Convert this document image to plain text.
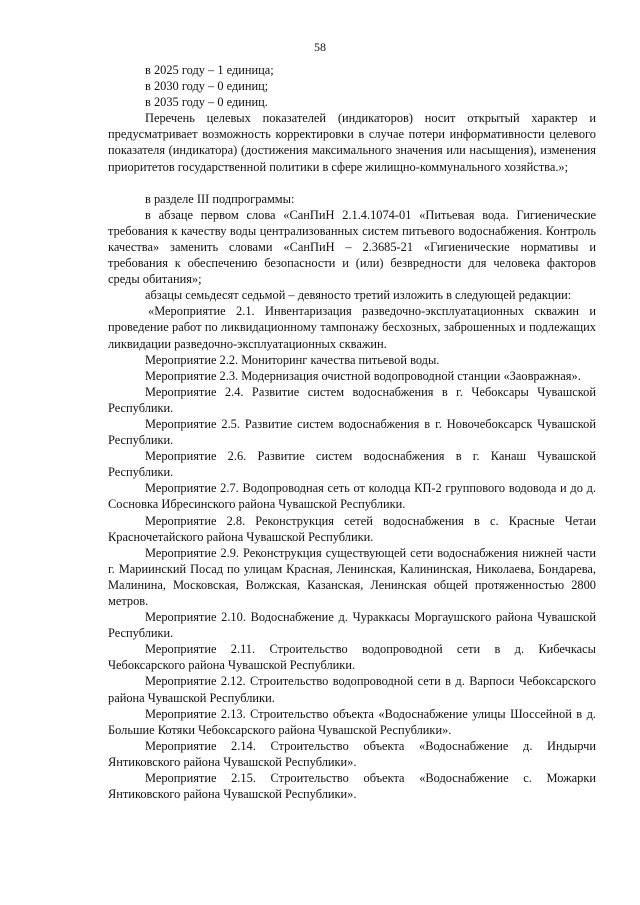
58

в 2025 году – 1 единица;

в 2030 году – 0 единиц;

в 2035 году – 0 единиц.

Перечень целевых показателей (индикаторов) носит открытый характер и предусматривает возможность корректировки в случае потери информативности целевого показателя (индикатора) (достижения максимального значения или насыщения), изменения приоритетов государственной политики в сфере жилищно-коммунального хозяйства.»;

в разделе III подпрограммы:

в абзаце первом слова «СанПиН 2.1.4.1074-01 «Питьевая вода. Гигиенические требования к качеству воды централизованных систем питьевого водоснабжения. Контроль качества» заменить словами «СанПиН – 2.3685-21 «Гигиенические нормативы и требования к обеспечению безопасности и (или) безвредности для человека факторов среды обитания»;

абзацы семьдесят седьмой – девяносто третий изложить в следующей редакции:

«Мероприятие 2.1. Инвентаризация разведочно-эксплуатационных скважин и проведение работ по ликвидационному тампонажу бесхозных, заброшенных и подлежащих ликвидации разведочно-эксплуатационных скважин.

Мероприятие 2.2. Мониторинг качества питьевой воды.

Мероприятие 2.3. Модернизация очистной водопроводной станции «Заовражная».

Мероприятие 2.4. Развитие систем водоснабжения в г. Чебоксары Чувашской Республики.

Мероприятие 2.5. Развитие систем водоснабжения в г. Новочебоксарск Чувашской Республики.

Мероприятие 2.6. Развитие систем водоснабжения в г. Канаш Чувашской Республики.

Мероприятие 2.7. Водопроводная сеть от колодца КП-2 группового водовода и до д. Сосновка Ибресинского района Чувашской Республики.

Мероприятие 2.8. Реконструкция сетей водоснабжения в с. Красные Четаи Красночетайского района Чувашской Республики.

Мероприятие 2.9. Реконструкция существующей сети водоснабжения нижней части г. Мариинский Посад по улицам Красная, Ленинская, Калининская, Николаева, Бондарева, Малинина, Московская, Волжская, Казанская, Ленинская общей протяженностью 2800 метров.

Мероприятие 2.10. Водоснабжение д. Чураккасы Моргаушского района Чувашской Республики.

Мероприятие 2.11. Строительство водопроводной сети в д. Кибечкасы Чебоксарского района Чувашской Республики.

Мероприятие 2.12. Строительство водопроводной сети в д. Варпоси Чебоксарского района Чувашской Республики.

Мероприятие 2.13. Строительство объекта «Водоснабжение улицы Шоссейной в д. Большие Котяки Чебоксарского района Чувашской Республики».

Мероприятие 2.14. Строительство объекта «Водоснабжение д. Индырчи Янтиковского района Чувашской Республики».

Мероприятие 2.15. Строительство объекта «Водоснабжение с. Можарки Янтиковского района Чувашской Республики».
